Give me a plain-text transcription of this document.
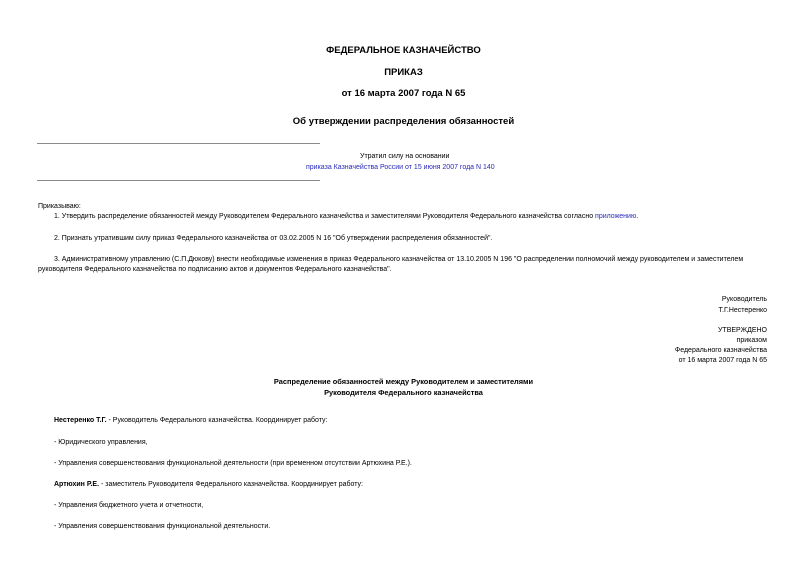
ФЕДЕРАЛЬНОЕ КАЗНАЧЕЙСТВО
ПРИКАЗ
от 16 марта 2007 года N 65
Об утверждении распределения обязанностей
Утратил силу на основании
приказа Казначейства России от 15 июня 2007 года N 140
Приказываю:
1. Утвердить распределение обязанностей между Руководителем Федерального казначейства и заместителями Руководителя Федерального казначейства согласно приложению.
2. Признать утратившим силу приказ Федерального казначейства от 03.02.2005 N 16 "Об утверждении распределения обязанностей".
3. Административному управлению (С.П.Дюкову) внести необходимые изменения в приказ Федерального казначейства от 13.10.2005 N 196 "О распределении полномочий между руководителем и заместителем
руководителя Федерального казначейства по подписанию актов и документов Федерального казначейства".
Руководитель
Т.Г.Нестеренко
УТВЕРЖДЕНО
приказом
Федерального казначейства
от 16 марта 2007 года N 65
Распределение обязанностей между Руководителем и заместителями
Руководителя Федерального казначейства
Нестеренко Т.Г. - Руководитель Федерального казначейства. Координирует работу:
- Юридического управления,
- Управления совершенствования функциональной деятельности (при временном отсутствии Артюхина Р.Е.).
Артюхин Р.Е. - заместитель Руководителя Федерального казначейства. Координирует работу:
- Управления бюджетного учета и отчетности,
- Управления совершенствования функциональной деятельности.
